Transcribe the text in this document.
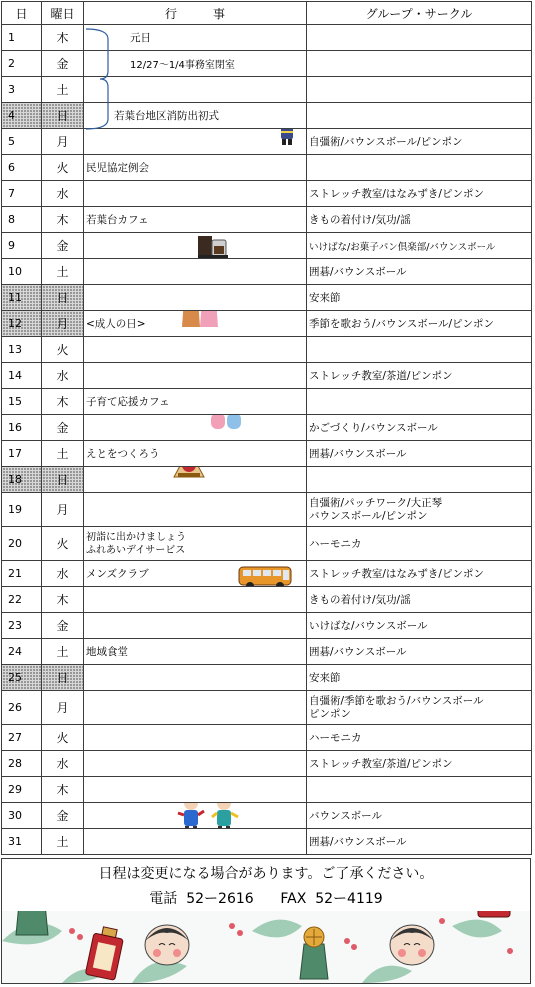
日	曜日	行　　　事	グループ・サークル
1	木	元日	
2	金	12/27～1/4事務室閉室	
3	土		
4	日	若葉台地区消防出初式	
5	月		自彊術/バウンスボール/ピンポン
6	火	民児協定例会	
7	水		ストレッチ教室/はなみずき/ピンポン
8	木	若葉台カフェ	きもの着付け/気功/謡
9	金		いけばな/お菓子パン倶楽部/バウンスボール
10	土		囲碁/バウンスボール
11	日		安来節
12	月	<成人の日>	季節を歌おう/バウンスボール/ピンポン
13	火		
14	水		ストレッチ教室/茶道/ピンポン
15	木	子育て応援カフェ	
16	金		かごづくり/バウンスボール
17	土	えとをつくろう	囲碁/バウンスボール
18	日	

19	月		自彊術/パッチワーク/大正琴
バウンスボール/ピンポン

20	火	初詣に出かけましょう
ふれあいデイサービス	ハーモニカ
21	水	メンズクラブ	ストレッチ教室/はなみずき/ピンポン
22	木		きもの着付け/気功/謡
23	金		いけばな/バウンスボール
24	土	地域食堂	囲碁/バウンスボール
25	日		安来節
26	月		自彊術/季節を歌おう/バウンスボール
ピンポン

27	火		ハーモニカ
28	水		ストレッチ教室/茶道/ピンポン
29	木		
30	金		バウンスボール
31	土		囲碁/バウンスボール
日程は変更になる場合があります。ご了承ください。
電話 52ー2616 FAX 52ー4119
